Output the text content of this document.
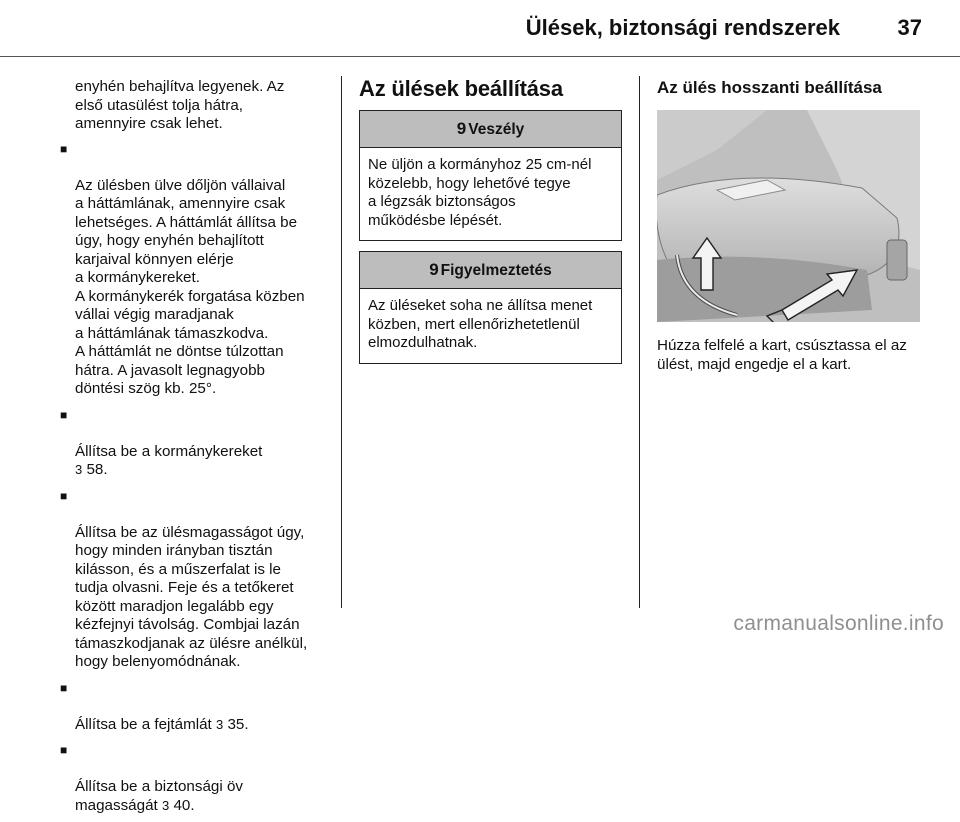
Ülések, biztonsági rendszerek	37

enyhén behajlítva legyenek. Az
első utasülést tolja hátra,
amennyire csak lehet.

■

Az ülésben ülve dőljön vállaival
a háttámlának, amennyire csak
lehetséges. A háttámlát állítsa be
úgy, hogy enyhén behajlított
karjaival könnyen elérje
a kormánykereket.
A kormánykerék forgatása közben
vállai végig maradjanak
a háttámlának támaszkodva.
A háttámlát ne döntse túlzottan
hátra. A javasolt legnagyobb
döntési szög kb. 25°.

■

Állítsa be a kormánykereket
3 58.

■

Állítsa be az ülésmagasságot úgy,
hogy minden irányban tisztán
kilásson, és a műszerfalat is le
tudja olvasni. Feje és a tetőkeret
között maradjon legalább egy
kézfejnyi távolság. Combjai lazán
támaszkodjanak az ülésre anélkül,
hogy belenyomódnának.

■

Állítsa be a fejtámlát 3 35.

■

Állítsa be a biztonsági öv
magasságát 3 40.

Az ülések beállítása
9 Veszély
Ne üljön a kormányhoz 25 cm-nél
közelebb, hogy lehetővé tegye
a légzsák biztonságos
működésbe lépését.
9 Figyelmeztetés
Az üléseket soha ne állítsa menet
közben, mert ellenőrizhetetlenül
elmozdulhatnak.
Az ülés hosszanti beállítása
Húzza felfelé a kart, csúsztassa el az
ülést, majd engedje el a kart.
carmanualsonline.info
